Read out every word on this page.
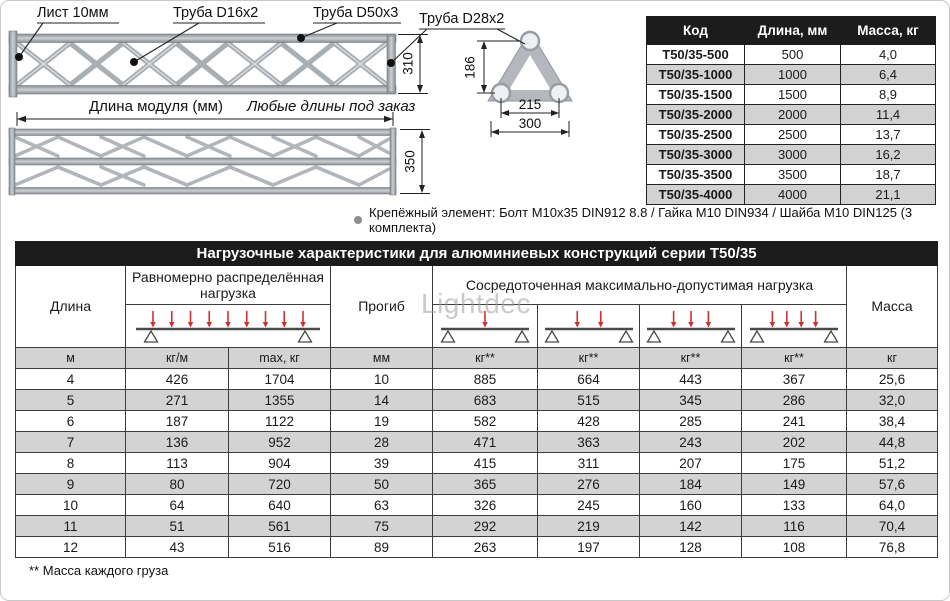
Лист 10мм	Труба D16х2	Труба D50х3 Труба D28х2
310
Длина модуля (мм)	Любые длины под заказ
350
186
215
300
Код	Длина, мм	Масса, кг
Т50/35-500	500	4,0
Т50/35-1000	1000	6,4
Т50/35-1500	1500	8,9
Т50/35-2000	2000	11,4
Т50/35-2500	2500	13,7
Т50/35-3000	3000	16,2
Т50/35-3500	3500	18,7
Т50/35-4000	4000	21,1
Крепёжный элемент: Болт М10х35 DIN912 8.8 / Гайка М10 DIN934 / Шайба М10 DIN125 (3 комплекта)
Нагрузочные характеристики для алюминиевых конструкций серии Т50/35								
Длина	Равномерно распределённая нагрузка		Прогиб	Сосредоточенная максимально-допустимая нагрузка				Масса

м	кг/м	max, кг	мм	кг**	кг**	кг**	кг**	кг
4	426	1704	10	885	664	443	367	25,6
5	271	1355	14	683	515	345	286	32,0
6	187	1122	19	582	428	285	241	38,4
7	136	952	28	471	363	243	202	44,8
8	113	904	39	415	311	207	175	51,2
9	80	720	50	365	276	184	149	57,6
10	64	640	63	326	245	160	133	64,0
11	51	561	75	292	219	142	116	70,4
12	43	516	89	263	197	128	108	76,8
** Масса каждого груза
Lightdec
